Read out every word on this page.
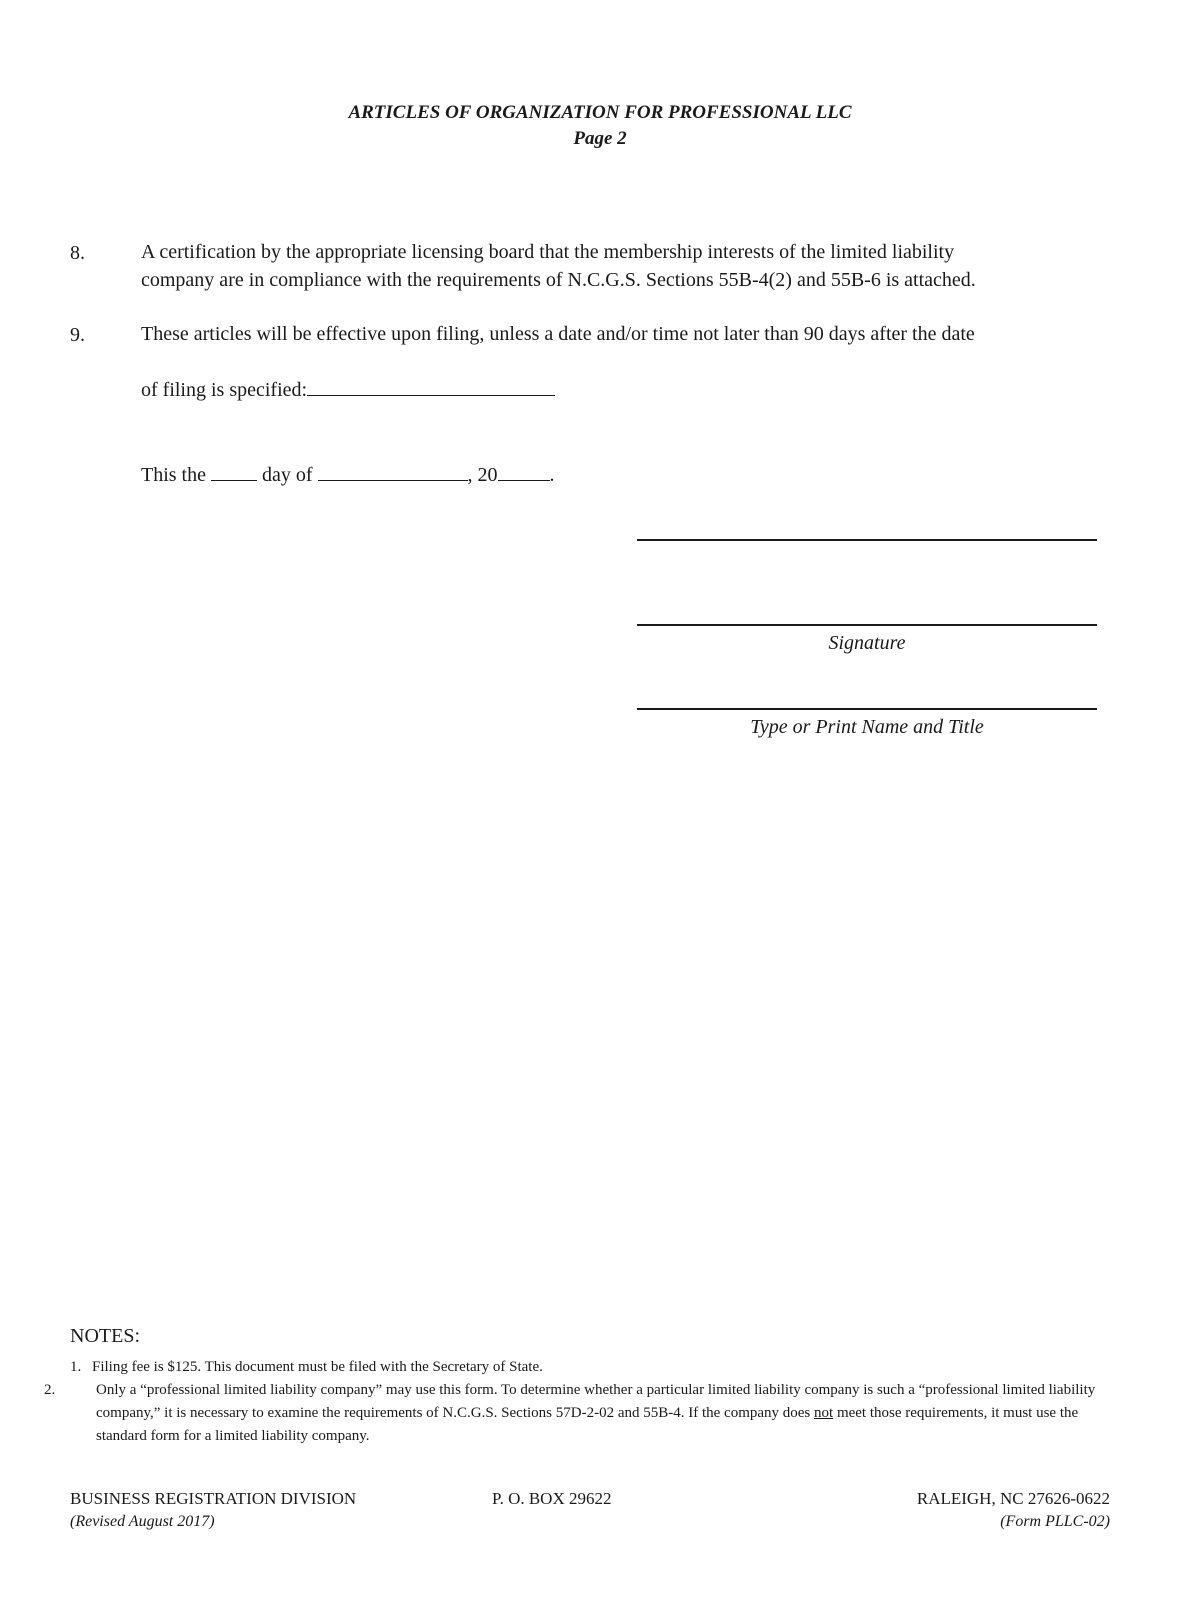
ARTICLES OF ORGANIZATION FOR PROFESSIONAL LLC
Page 2
8.	A certification by the appropriate licensing board that the membership interests of the limited liability
company are in compliance with the requirements of N.C.G.S. Sections 55B-4(2) and 55B-6 is attached.
9.	These articles will be effective upon filing, unless a date and/or time not later than 90 days after the date
of filing is specified:
This the	day of	, 20	.
Signature
Type or Print Name and Title
NOTES:
1. Filing fee is $125. This document must be filed with the Secretary of State.
2.	Only a “professional limited liability company” may use this form. To determine whether a particular limited liability company is such a “professional limited liability company,” it is necessary to examine the requirements of N.C.G.S. Sections 57D-2-02 and 55B-4. If the company does not meet those requirements, it must use the standard form for a limited liability company.
BUSINESS REGISTRATION DIVISION
(Revised August 2017)
P. O. BOX 29622	RALEIGH, NC 27626-0622
(Form PLLC-02)
